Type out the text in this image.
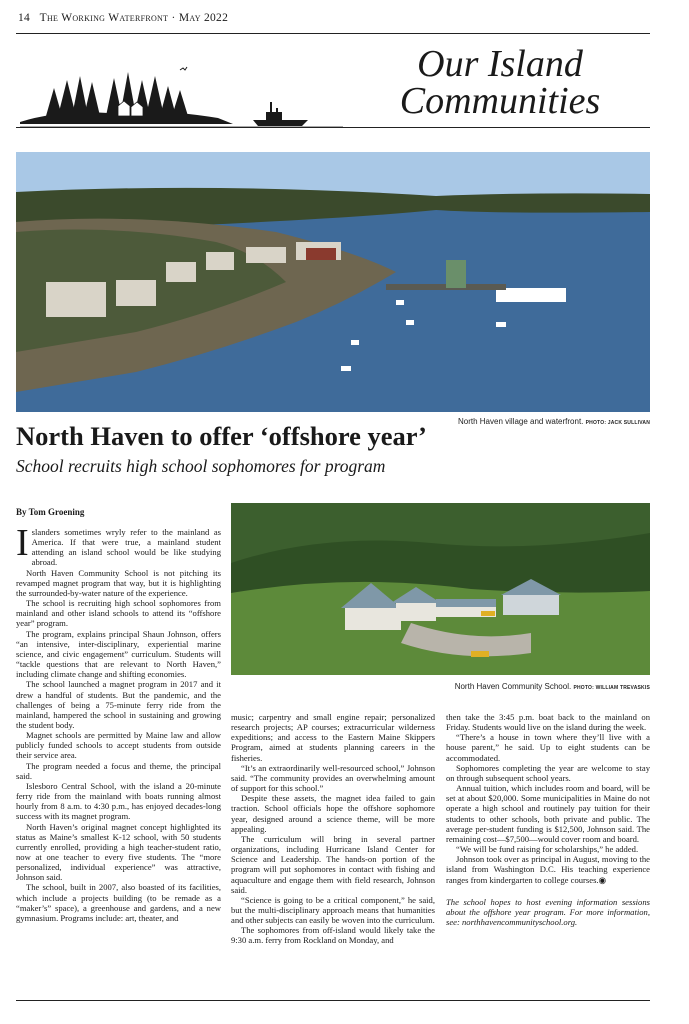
14 The Working Waterfront · May 2022
Our Island
Communities
North Haven village and waterfront. PHOTO: JACK SULLIVAN
North Haven to offer ‘offshore year’
School recruits high school sophomores for program
North Haven Community School. PHOTO: WILLIAM TREVASKIS
By Tom Groening

Islanders sometimes wryly refer to the mainland as America. If that were true, a mainland student attending an island school would be like studying abroad.

North Haven Community School is not pitching its revamped magnet program that way, but it is highlighting the surrounded-by-water nature of the experience.

The school is recruiting high school sophomores from mainland and other island schools to attend its “offshore year” program.

The program, explains principal Shaun Johnson, offers “an intensive, inter-disciplinary, experiential marine science, and civic engagement” curriculum. Students will “tackle questions that are relevant to North Haven,” including climate change and shifting economies.

The school launched a magnet program in 2017 and it drew a handful of students. But the pandemic, and the challenges of being a 75-minute ferry ride from the mainland, hampered the school in sustaining and growing the student body.

Magnet schools are permitted by Maine law and allow publicly funded schools to accept students from outside their service area.

The program needed a focus and theme, the principal said.

Islesboro Central School, with the island a 20-minute ferry ride from the mainland with boats running almost hourly from 8 a.m. to 4:30 p.m., has enjoyed decades-long success with its magnet program.

North Haven’s original magnet concept highlighted its status as Maine’s smallest K-12 school, with 50 students currently enrolled, providing a high teacher-student ratio, now at one teacher to every five students. The “more personalized, individual experience” was attractive, Johnson said.

The school, built in 2007, also boasted of its facilities, which include a projects building (to be remade as a “maker’s” space), a greenhouse and gardens, and a new gymnasium. Programs include: art, theater, and

music; carpentry and small engine repair; personalized research projects; AP courses; extracurricular wilderness expeditions; and access to the Eastern Maine Skippers Program, aimed at students planning careers in the fisheries.

“It’s an extraordinarily well-resourced school,” Johnson said. “The community provides an overwhelming amount of support for this school.”

Despite these assets, the magnet idea failed to gain traction. School officials hope the offshore sophomore year, designed around a science theme, will be more appealing.

The curriculum will bring in several partner organizations, including Hurricane Island Center for Science and Leadership. The hands-on portion of the program will put sophomores in contact with fishing and aquaculture and engage them with field research, Johnson said.

“Science is going to be a critical component,” he said, but the multi-disciplinary approach means that humanities and other subjects can easily be woven into the curriculum.

The sophomores from off-island would likely take the 9:30 a.m. ferry from Rockland on Monday, and

then take the 3:45 p.m. boat back to the mainland on Friday. Students would live on the island during the week.

“There’s a house in town where they’ll live with a house parent,” he said. Up to eight students can be accommodated.

Sophomores completing the year are welcome to stay on through subsequent school years.

Annual tuition, which includes room and board, will be set at about $20,000. Some municipalities in Maine do not operate a high school and routinely pay tuition for their students to other schools, both private and public. The average per-student funding is $12,500, Johnson said. The remaining cost—$7,500—would cover room and board.

“We will be fund raising for scholarships,” he added.

Johnson took over as principal in August, moving to the island from Washington D.C. His teaching experience ranges from kindergarten to college courses.◉

The school hopes to host evening information sessions about the offshore year program. For more information, see: northhavencommunityschool.org.
